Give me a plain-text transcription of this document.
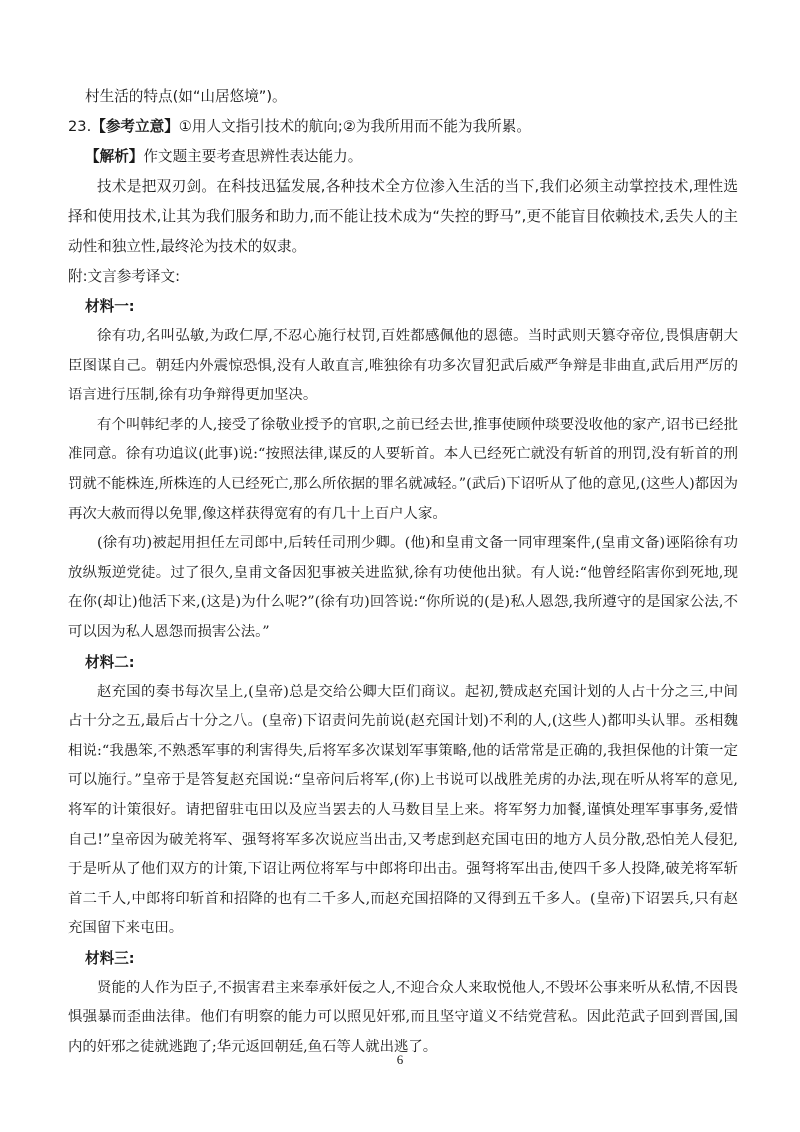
村生活的特点(如“山居悠境”)。

23.【参考立意】①用人文指引技术的航向;②为我所用而不能为我所累。

【解析】作文题主要考查思辨性表达能力。

技术是把双刃剑。在科技迅猛发展,各种技术全方位渗入生活的当下,我们必须主动掌控技术,理性选择和使用技术,让其为我们服务和助力,而不能让技术成为“失控的野马”,更不能盲目依赖技术,丢失人的主动性和独立性,最终沦为技术的奴隶。

附:文言参考译文:

材料一:

徐有功,名叫弘敏,为政仁厚,不忍心施行杖罚,百姓都感佩他的恩德。当时武则天篡夺帝位,畏惧唐朝大臣图谋自己。朝廷内外震惊恐惧,没有人敢直言,唯独徐有功多次冒犯武后威严争辩是非曲直,武后用严厉的语言进行压制,徐有功争辩得更加坚决。

有个叫韩纪孝的人,接受了徐敬业授予的官职,之前已经去世,推事使顾仲琰要没收他的家产,诏书已经批准同意。徐有功追议(此事)说:“按照法律,谋反的人要斩首。本人已经死亡就没有斩首的刑罚,没有斩首的刑罚就不能株连,所株连的人已经死亡,那么所依据的罪名就减轻。”(武后)下诏听从了他的意见,(这些人)都因为再次大赦而得以免罪,像这样获得宽宥的有几十上百户人家。

(徐有功)被起用担任左司郎中,后转任司刑少卿。(他)和皇甫文备一同审理案件,(皇甫文备)诬陷徐有功放纵叛逆党徒。过了很久,皇甫文备因犯事被关进监狱,徐有功使他出狱。有人说:“他曾经陷害你到死地,现在你(却让)他活下来,(这是)为什么呢?”(徐有功)回答说:“你所说的(是)私人恩怨,我所遵守的是国家公法,不可以因为私人恩怨而损害公法。”

材料二:

赵充国的奏书每次呈上,(皇帝)总是交给公卿大臣们商议。起初,赞成赵充国计划的人占十分之三,中间占十分之五,最后占十分之八。(皇帝)下诏责问先前说(赵充国计划)不利的人,(这些人)都叩头认罪。丞相魏相说:“我愚笨,不熟悉军事的利害得失,后将军多次谋划军事策略,他的话常常是正确的,我担保他的计策一定可以施行。”皇帝于是答复赵充国说:“皇帝问后将军,(你)上书说可以战胜羌虏的办法,现在听从将军的意见,将军的计策很好。请把留驻屯田以及应当罢去的人马数目呈上来。将军努力加餐,谨慎处理军事事务,爱惜自己!”皇帝因为破羌将军、强弩将军多次说应当出击,又考虑到赵充国屯田的地方人员分散,恐怕羌人侵犯,于是听从了他们双方的计策,下诏让两位将军与中郎将印出击。强弩将军出击,使四千多人投降,破羌将军斩首二千人,中郎将印斩首和招降的也有二千多人,而赵充国招降的又得到五千多人。(皇帝)下诏罢兵,只有赵充国留下来屯田。

材料三:

贤能的人作为臣子,不损害君主来奉承奸佞之人,不迎合众人来取悦他人,不毁坏公事来听从私情,不因畏惧强暴而歪曲法律。他们有明察的能力可以照见奸邪,而且坚守道义不结党营私。因此范武子回到晋国,国内的奸邪之徒就逃跑了;华元返回朝廷,鱼石等人就出逃了。

6
